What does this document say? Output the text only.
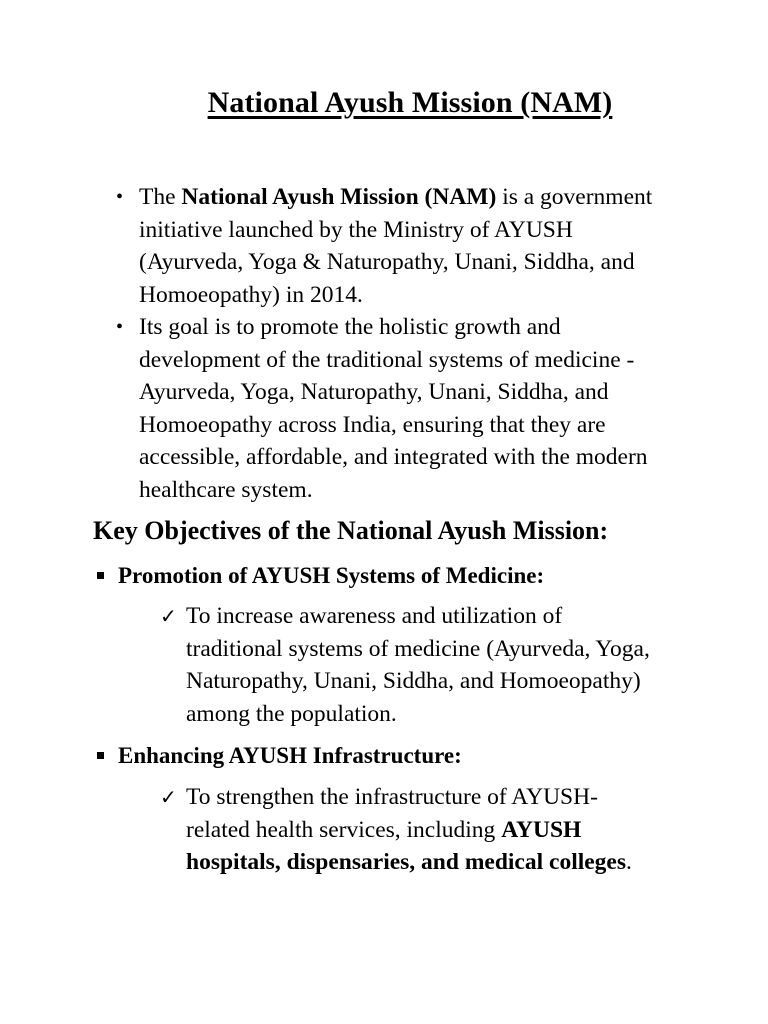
National Ayush Mission (NAM)
• The National Ayush Mission (NAM) is a government initiative launched by the Ministry of AYUSH (Ayurveda, Yoga & Naturopathy, Unani, Siddha, and Homoeopathy) in 2014.
• Its goal is to promote the holistic growth and development of the traditional systems of medicine - Ayurveda, Yoga, Naturopathy, Unani, Siddha, and Homoeopathy across India, ensuring that they are accessible, affordable, and integrated with the modern healthcare system.
Key Objectives of the National Ayush Mission:
Promotion of AYUSH Systems of Medicine:
✓ To increase awareness and utilization of traditional systems of medicine (Ayurveda, Yoga, Naturopathy, Unani, Siddha, and Homoeopathy) among the population.
Enhancing AYUSH Infrastructure:
✓ To strengthen the infrastructure of AYUSH-related health services, including AYUSH hospitals, dispensaries, and medical colleges.
